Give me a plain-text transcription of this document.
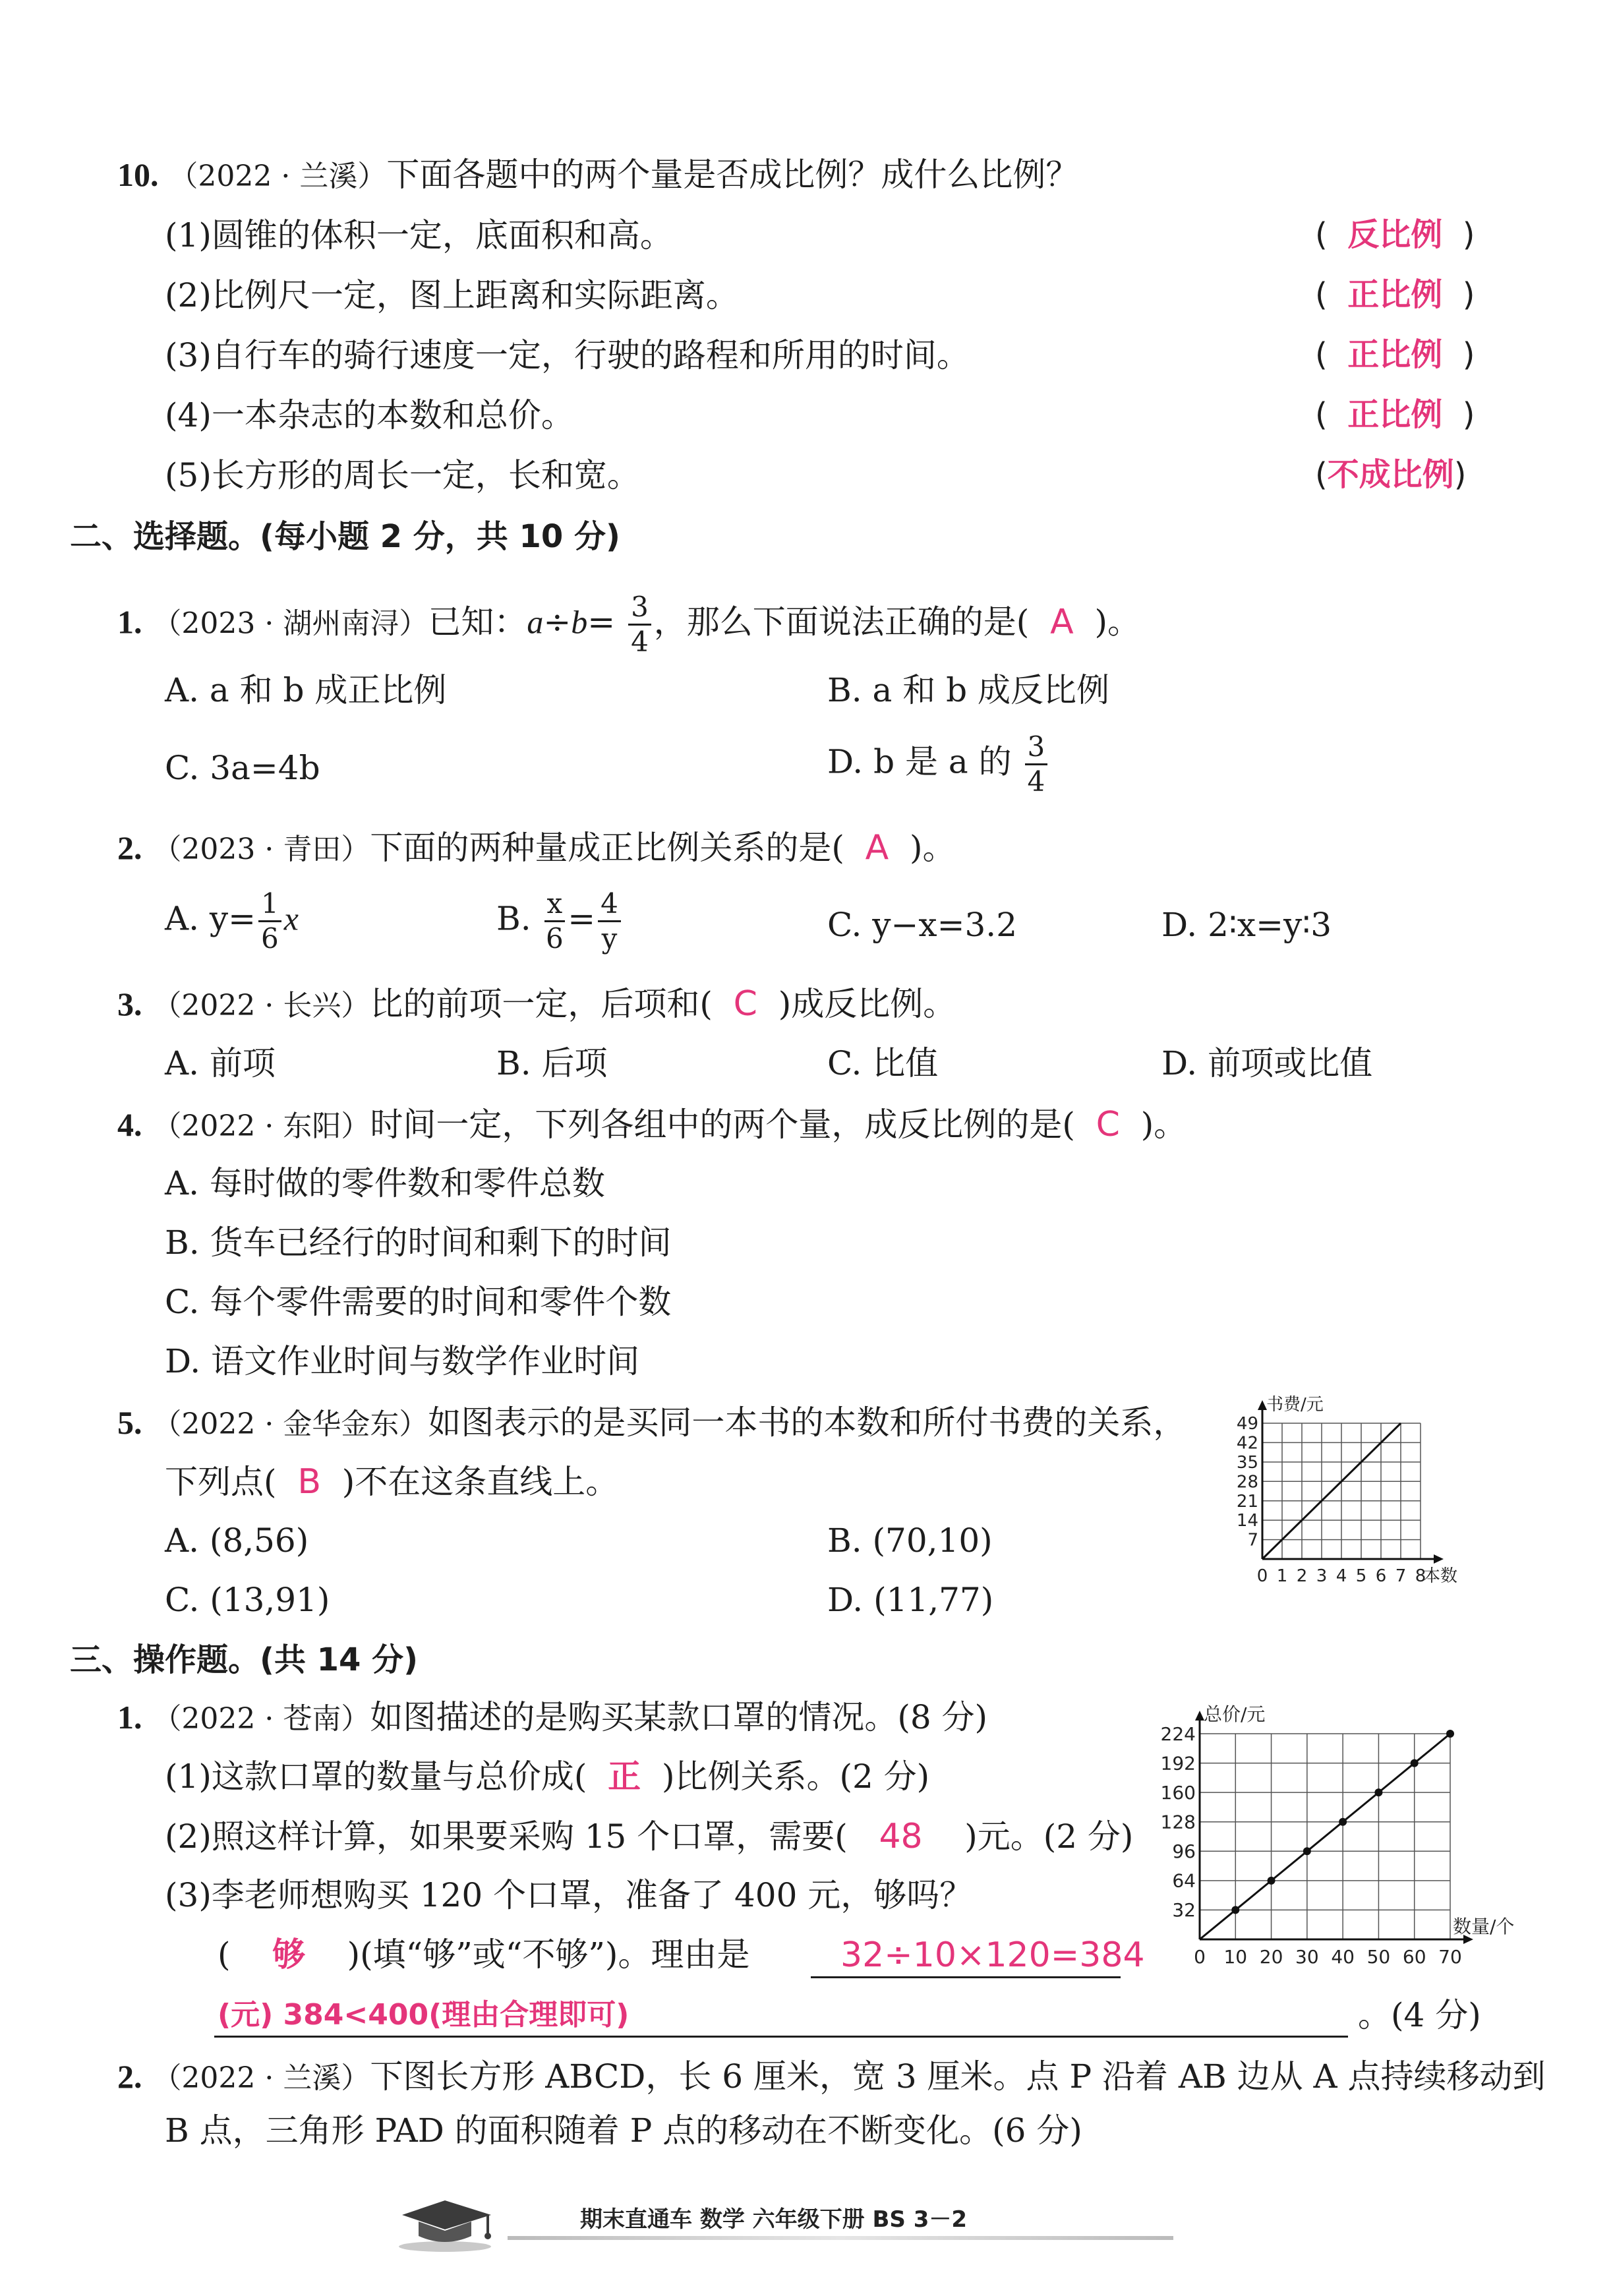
10. （2022 · 兰溪）下面各题中的两个量是否成比例？成什么比例？
(1)圆锥的体积一定，底面积和高。	(  反比例  )
(2)比例尺一定，图上距离和实际距离。	(  正比例  )
(3)自行车的骑行速度一定，行驶的路程和所用的时间。	(  正比例  )
(4)一本杂志的本数和总价。	(  正比例  )
(5)长方形的周长一定，长和宽。	(不成比例)
二、选择题。(每小题 2 分，共 10 分)
1. （2023 · 湖州南浔）已知：$a\div b= \frac{3}{4}$ ，那么下面说法正确的是( A )。
A. a 和 b 成正比例	B. a 和 b 成反比例
C. 3a=4b	D. b 是 a 的 $\frac{3}{4}$
2. （2023 · 青田）下面的两种量成正比例关系的是( A )。
A. $y= \frac{1}{6}$ x	B. $\frac{x}{6} = \frac{4}{y}$	C. y−x=3.2	D. 2∶x=y∶3
3. （2022 · 长兴）比的前项一定，后项和( C )成反比例。
A. 前项	B. 后项	C. 比值	D. 前项或比值
4. （2022 · 东阳）时间一定，下列各组中的两个量，成反比例的是( C )。
A. 每时做的零件数和零件总数
B. 货车已经行的时间和剩下的时间
C. 每个零件需要的时间和零件个数
D. 语文作业时间与数学作业时间
5. （2022 · 金华金东）如图表示的是买同一本书的本数和所付书费的关系，
下列点( B )不在这条直线上。
A. (8,56)	B. (70,10)
C. (13,91)	D. (11,77)
0 1 2 3 4 5 6 7 8
7
14
21
28
35
42
49
书费/元
本数
三、操作题。(共 14 分)
1. （2022 · 苍南）如图描述的是购买某款口罩的情况。(8 分)
(1)这款口罩的数量与总价成( 正 )比例关系。(2 分)
(2)照这样计算，如果要采购 15 个口罩，需要( 48 )元。(2 分)
(3)李老师想购买 120 个口罩，准备了 400 元，够吗？
( 够 )(填“够”或“不够”)。理由是	32÷10×120=384
(元) 384<400(理由合理即可)	。(4 分)
0 10 20 30 40 50 60 70
32
64
96
128
160
192
224
总价/元
数量/个
2. （2022 · 兰溪）下图长方形 ABCD，长 6 厘米，宽 3 厘米。点 P 沿着 AB 边从 A 点持续移动到
B 点，三角形 PAD 的面积随着 P 点的移动在不断变化。(6 分)
期末直通车 数学 六年级下册 BS 3－2
